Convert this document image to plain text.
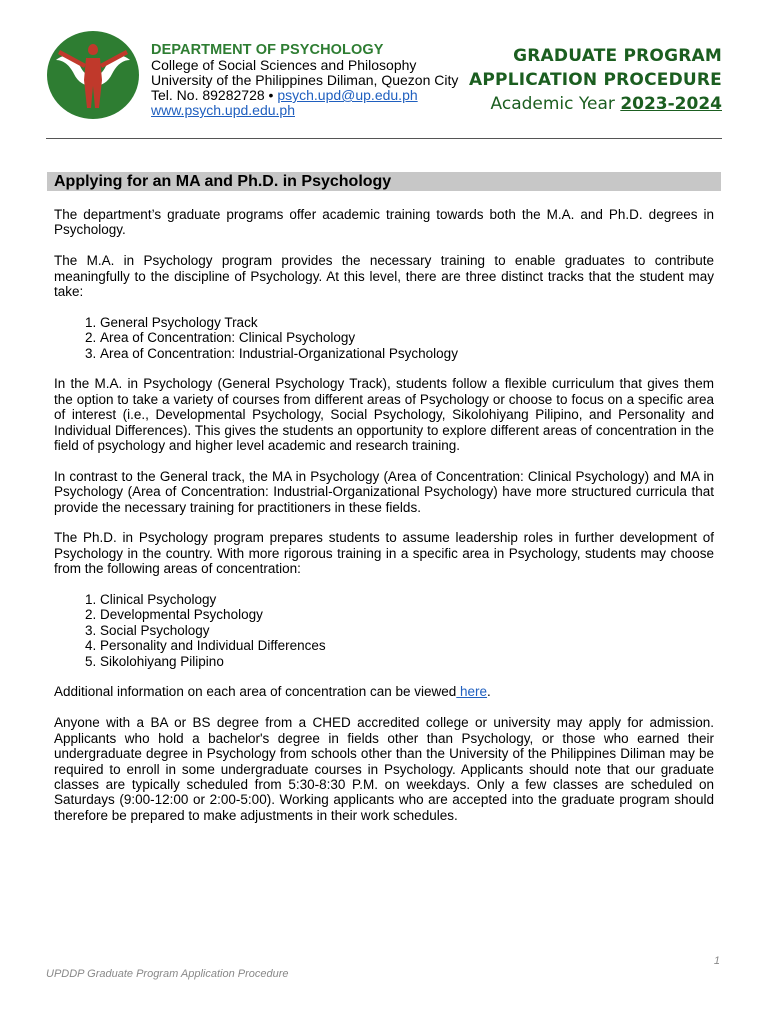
DEPARTMENT OF PSYCHOLOGY
College of Social Sciences and Philosophy
University of the Philippines Diliman, Quezon City
Tel. No. 89282728 • psych.upd@up.edu.ph
www.psych.upd.edu.ph
GRADUATE PROGRAM
APPLICATION PROCEDURE
Academic Year 2023-2024
Applying for an MA and Ph.D. in Psychology

The department’s graduate programs offer academic training towards both the M.A. and Ph.D. degrees in Psychology.

The M.A. in Psychology program provides the necessary training to enable graduates to contribute meaningfully to the discipline of Psychology. At this level, there are three distinct tracks that the student may take:

1. General Psychology Track
2. Area of Concentration: Clinical Psychology
3. Area of Concentration: Industrial-Organizational Psychology

In the M.A. in Psychology (General Psychology Track), students follow a flexible curriculum that gives them the option to take a variety of courses from different areas of Psychology or choose to focus on a specific area of interest (i.e., Developmental Psychology, Social Psychology, Sikolohiyang Pilipino, and Personality and Individual Differences). This gives the students an opportunity to explore different areas of concentration in the field of psychology and higher level academic and research training.

In contrast to the General track, the MA in Psychology (Area of Concentration: Clinical Psychology) and MA in Psychology (Area of Concentration: Industrial-Organizational Psychology) have more structured curricula that provide the necessary training for practitioners in these fields.

The Ph.D. in Psychology program prepares students to assume leadership roles in further development of Psychology in the country. With more rigorous training in a specific area in Psychology, students may choose from the following areas of concentration:

1. Clinical Psychology
2. Developmental Psychology
3. Social Psychology
4. Personality and Individual Differences
5. Sikolohiyang Pilipino

Additional information on each area of concentration can be viewed here.

Anyone with a BA or BS degree from a CHED accredited college or university may apply for admission. Applicants who hold a bachelor's degree in fields other than Psychology, or those who earned their undergraduate degree in Psychology from schools other than the University of the Philippines Diliman may be required to enroll in some undergraduate courses in Psychology. Applicants should note that our graduate classes are typically scheduled from 5:30-8:30 P.M. on weekdays. Only a few classes are scheduled on Saturdays (9:00-12:00 or 2:00-5:00). Working applicants who are accepted into the graduate program should therefore be prepared to make adjustments in their work schedules.

1
UPDDP Graduate Program Application Procedure
